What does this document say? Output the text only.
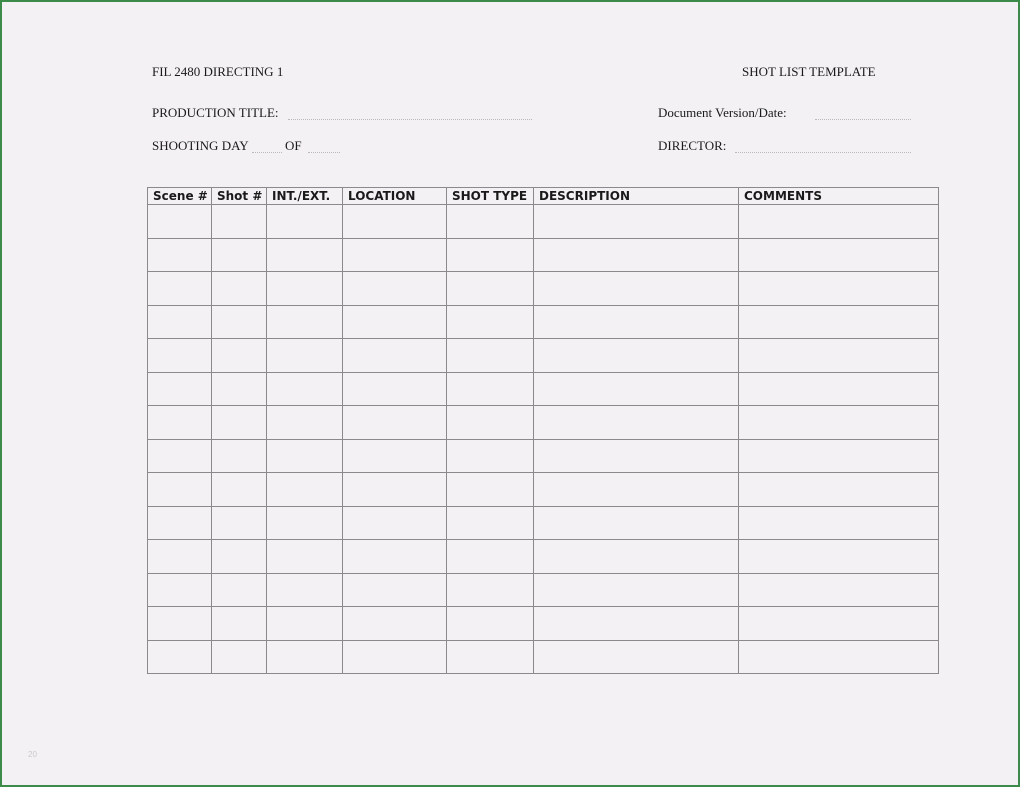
FIL 2480 DIRECTING 1	SHOT LIST TEMPLATE
PRODUCTION TITLE:	Document Version/Date:
SHOOTING DAY	OF	DIRECTOR:
Scene #	Shot #	INT./EXT.	LOCATION	SHOT TYPE	DESCRIPTION	COMMENTS

20
